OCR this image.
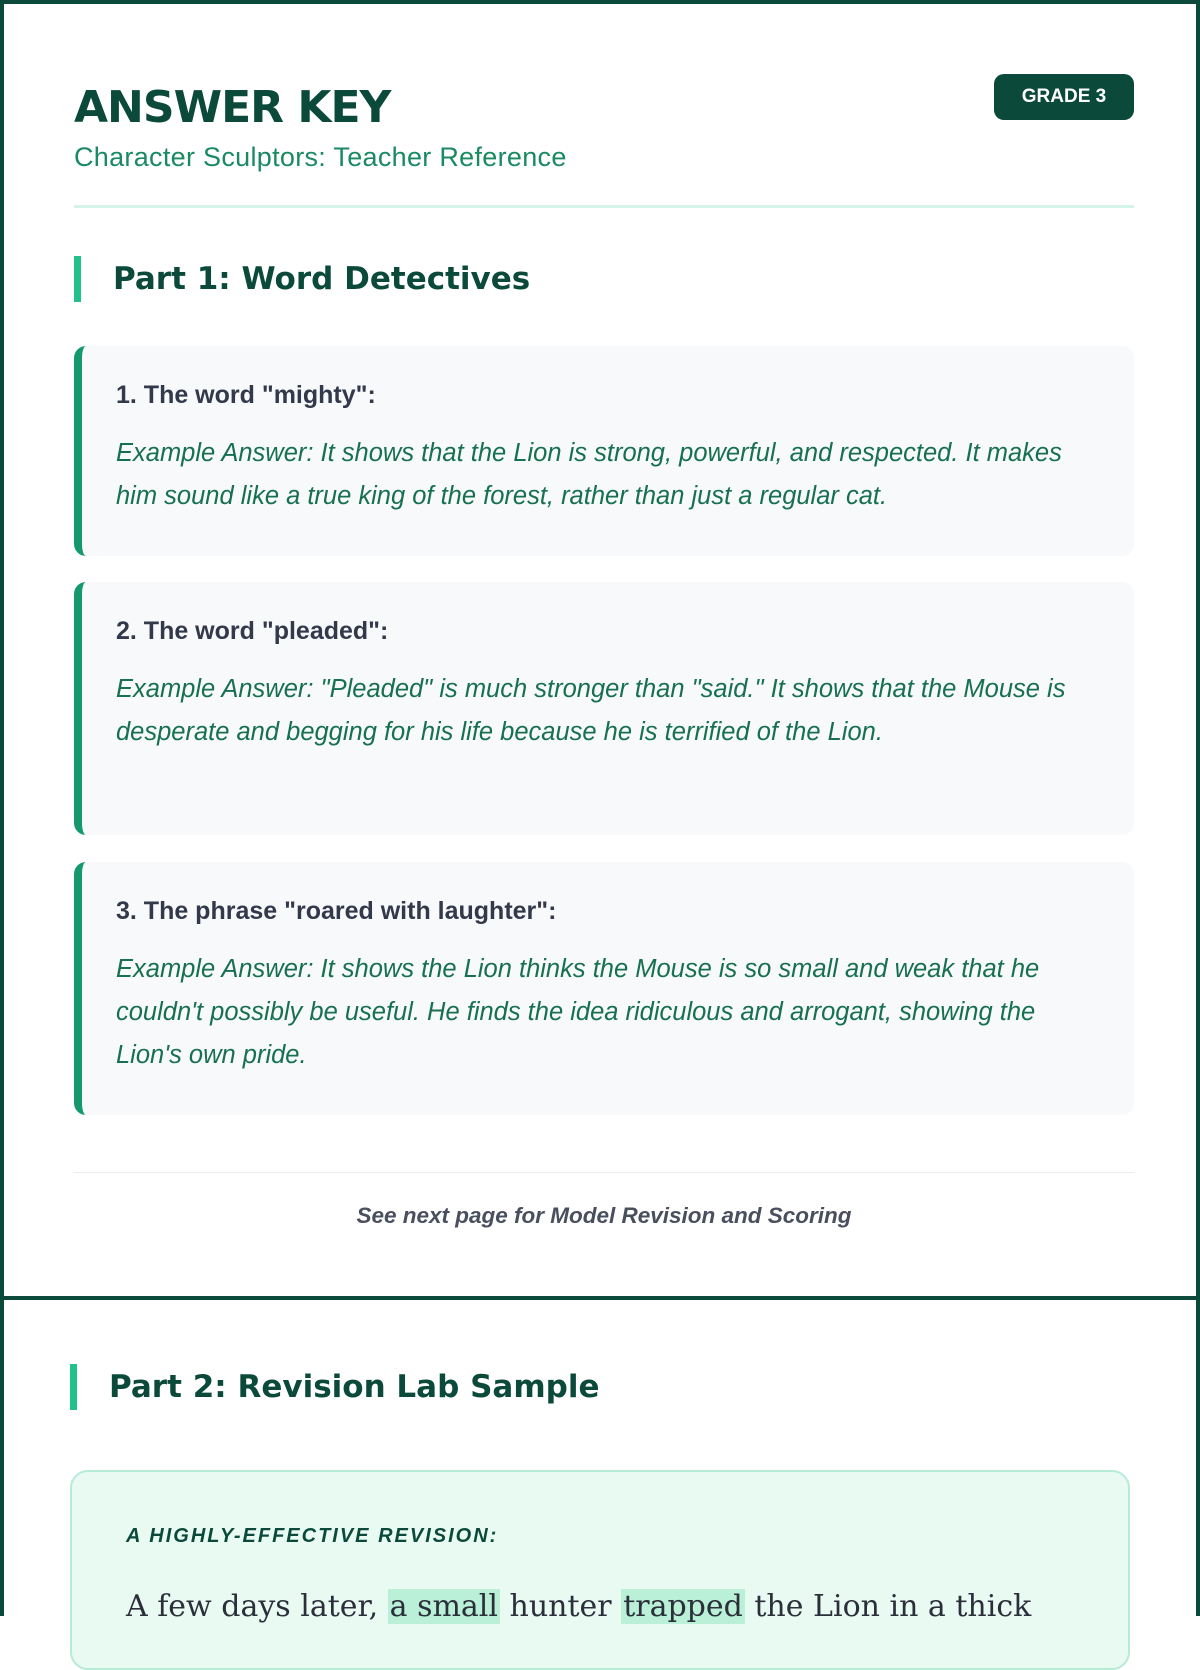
ANSWER KEY
Character Sculptors: Teacher Reference
GRADE 3
Part 1: Word Detectives
1. The word "mighty":
Example Answer: It shows that the Lion is strong, powerful, and respected. It makes him sound like a true king of the forest, rather than just a regular cat.
2. The word "pleaded":
Example Answer: "Pleaded" is much stronger than "said." It shows that the Mouse is desperate and begging for his life because he is terrified of the Lion.
3. The phrase "roared with laughter":
Example Answer: It shows the Lion thinks the Mouse is so small and weak that he couldn't possibly be useful. He finds the idea ridiculous and arrogant, showing the Lion's own pride.
See next page for Model Revision and Scoring
Part 2: Revision Lab Sample
A HIGHLY-EFFECTIVE REVISION:
A few days later, a small hunter trapped the Lion in a thick
